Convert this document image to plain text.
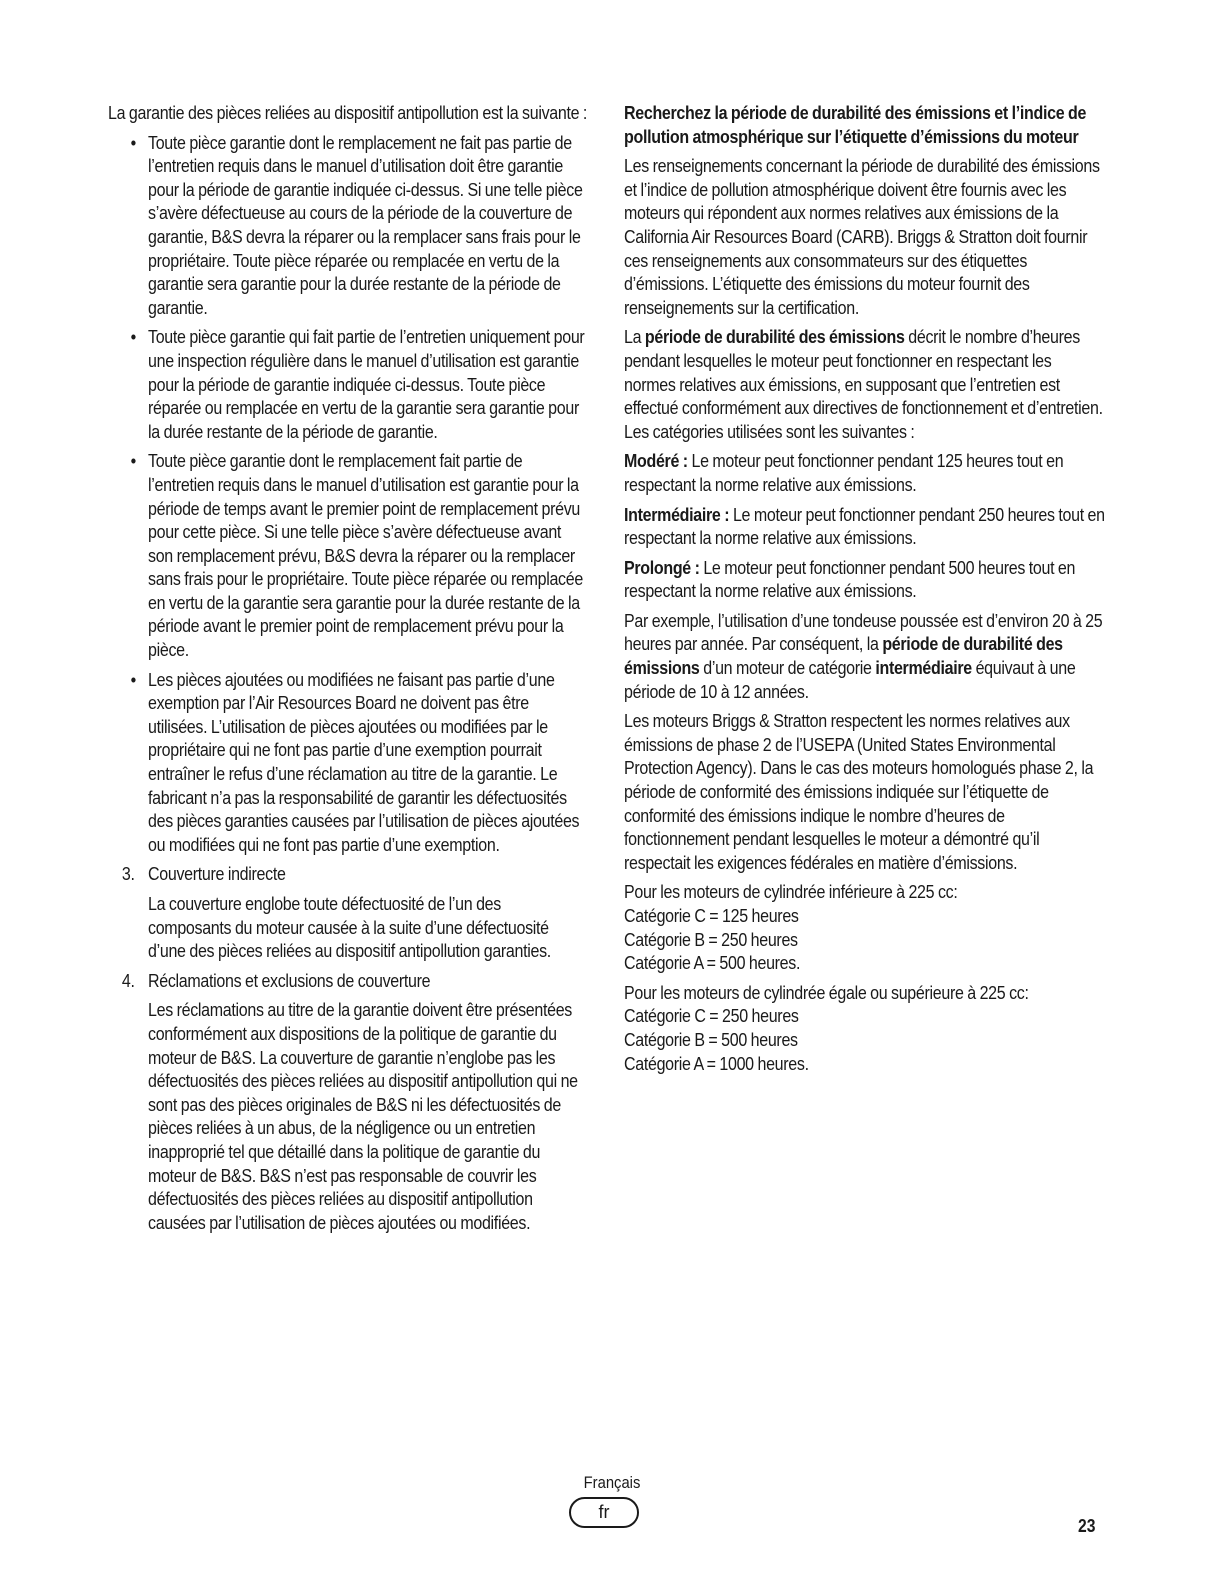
La garantie des pièces reliées au dispositif antipollution est la suivante :

• Toute pièce garantie dont le remplacement ne fait pas partie de l’entretien requis dans le manuel d’utilisation doit être garantie pour la période de garantie indiquée ci-dessus. Si une telle pièce s’avère défectueuse au cours de la période de la couverture de garantie, B&S devra la réparer ou la remplacer sans frais pour le propriétaire. Toute pièce réparée ou remplacée en vertu de la garantie sera garantie pour la durée restante de la période de garantie.
• Toute pièce garantie qui fait partie de l’entretien uniquement pour une inspection régulière dans le manuel d’utilisation est garantie pour la période de garantie indiquée ci-dessus. Toute pièce réparée ou remplacée en vertu de la garantie sera garantie pour la durée restante de la période de garantie.
• Toute pièce garantie dont le remplacement fait partie de l’entretien requis dans le manuel d’utilisation est garantie pour la période de temps avant le premier point de remplacement prévu pour cette pièce. Si une telle pièce s’avère défectueuse avant son remplacement prévu, B&S devra la réparer ou la remplacer sans frais pour le propriétaire. Toute pièce réparée ou remplacée en vertu de la garantie sera garantie pour la durée restante de la période avant le premier point de remplacement prévu pour la pièce.
• Les pièces ajoutées ou modifiées ne faisant pas partie d’une exemption par l’Air Resources Board ne doivent pas être utilisées. L’utilisation de pièces ajoutées ou modifiées par le propriétaire qui ne font pas partie d’une exemption pourrait entraîner le refus d’une réclamation au titre de la garantie. Le fabricant n’a pas la responsabilité de garantir les défectuosités des pièces garanties causées par l’utilisation de pièces ajoutées ou modifiées qui ne font pas partie d’une exemption.
3. Couverture indirecte
La couverture englobe toute défectuosité de l’un des composants du moteur causée à la suite d’une défectuosité d’une des pièces reliées au dispositif antipollution garanties.
4. Réclamations et exclusions de couverture
Les réclamations au titre de la garantie doivent être présentées conformément aux dispositions de la politique de garantie du moteur de B&S. La couverture de garantie n’englobe pas les défectuosités des pièces reliées au dispositif antipollution qui ne sont pas des pièces originales de B&S ni les défectuosités de pièces reliées à un abus, de la négligence ou un entretien inapproprié tel que détaillé dans la politique de garantie du moteur de B&S. B&S n’est pas responsable de couvrir les défectuosités des pièces reliées au dispositif antipollution causées par l’utilisation de pièces ajoutées ou modifiées.

Recherchez la période de durabilité des émissions et l’indice de pollution atmosphérique sur l’étiquette d’émissions du moteur

Les renseignements concernant la période de durabilité des émissions et l’indice de pollution atmosphérique doivent être fournis avec les moteurs qui répondent aux normes relatives aux émissions de la California Air Resources Board (CARB). Briggs & Stratton doit fournir ces renseignements aux consommateurs sur des étiquettes d’émissions. L’étiquette des émissions du moteur fournit des renseignements sur la certification.

La période de durabilité des émissions décrit le nombre d’heures pendant lesquelles le moteur peut fonctionner en respectant les normes relatives aux émissions, en supposant que l’entretien est effectué conformément aux directives de fonctionnement et d’entretien. Les catégories utilisées sont les suivantes :

Modéré : Le moteur peut fonctionner pendant 125 heures tout en respectant la norme relative aux émissions.

Intermédiaire : Le moteur peut fonctionner pendant 250 heures tout en respectant la norme relative aux émissions.

Prolongé : Le moteur peut fonctionner pendant 500 heures tout en respectant la norme relative aux émissions.

Par exemple, l’utilisation d’une tondeuse poussée est d’environ 20 à 25 heures par année. Par conséquent, la période de durabilité des émissions d’un moteur de catégorie intermédiaire équivaut à une période de 10 à 12 années.

Les moteurs Briggs & Stratton respectent les normes relatives aux émissions de phase 2 de l’USEPA (United States Environmental Protection Agency). Dans le cas des moteurs homologués phase 2, la période de conformité des émissions indiquée sur l’étiquette de conformité des émissions indique le nombre d’heures de fonctionnement pendant lesquelles le moteur a démontré qu’il respectait les exigences fédérales en matière d’émissions.

Pour les moteurs de cylindrée inférieure à 225 cc:
Catégorie C = 125 heures
Catégorie B = 250 heures
Catégorie A = 500 heures.
Pour les moteurs de cylindrée égale ou supérieure à 225 cc:
Catégorie C = 250 heures
Catégorie B = 500 heures
Catégorie A = 1000 heures.
Français
fr
23
